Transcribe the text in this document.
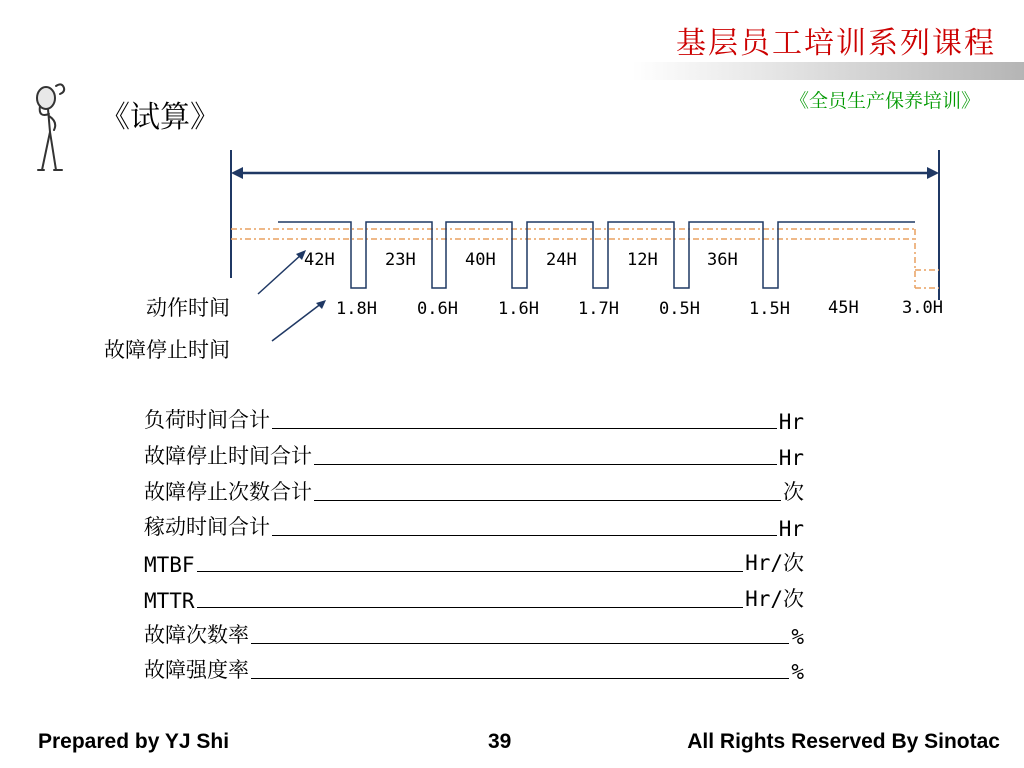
基层员工培训系列课程
《全员生产保养培训》
《试算》
42H	23H	40H	24H	12H	36H
45H
1.8H 0.6H 1.6H 1.7H 0.5H	1.5H	3.0H
动作时间
故障停止时间
负荷时间合计	Hr
故障停止时间合计	Hr
故障停止次数合计	次
稼动时间合计	Hr
MTBF	Hr/次
MTTR	Hr/次
故障次数率	%
故障强度率	%
Prepared by YJ Shi	39	All Rights Reserved By Sinotac
